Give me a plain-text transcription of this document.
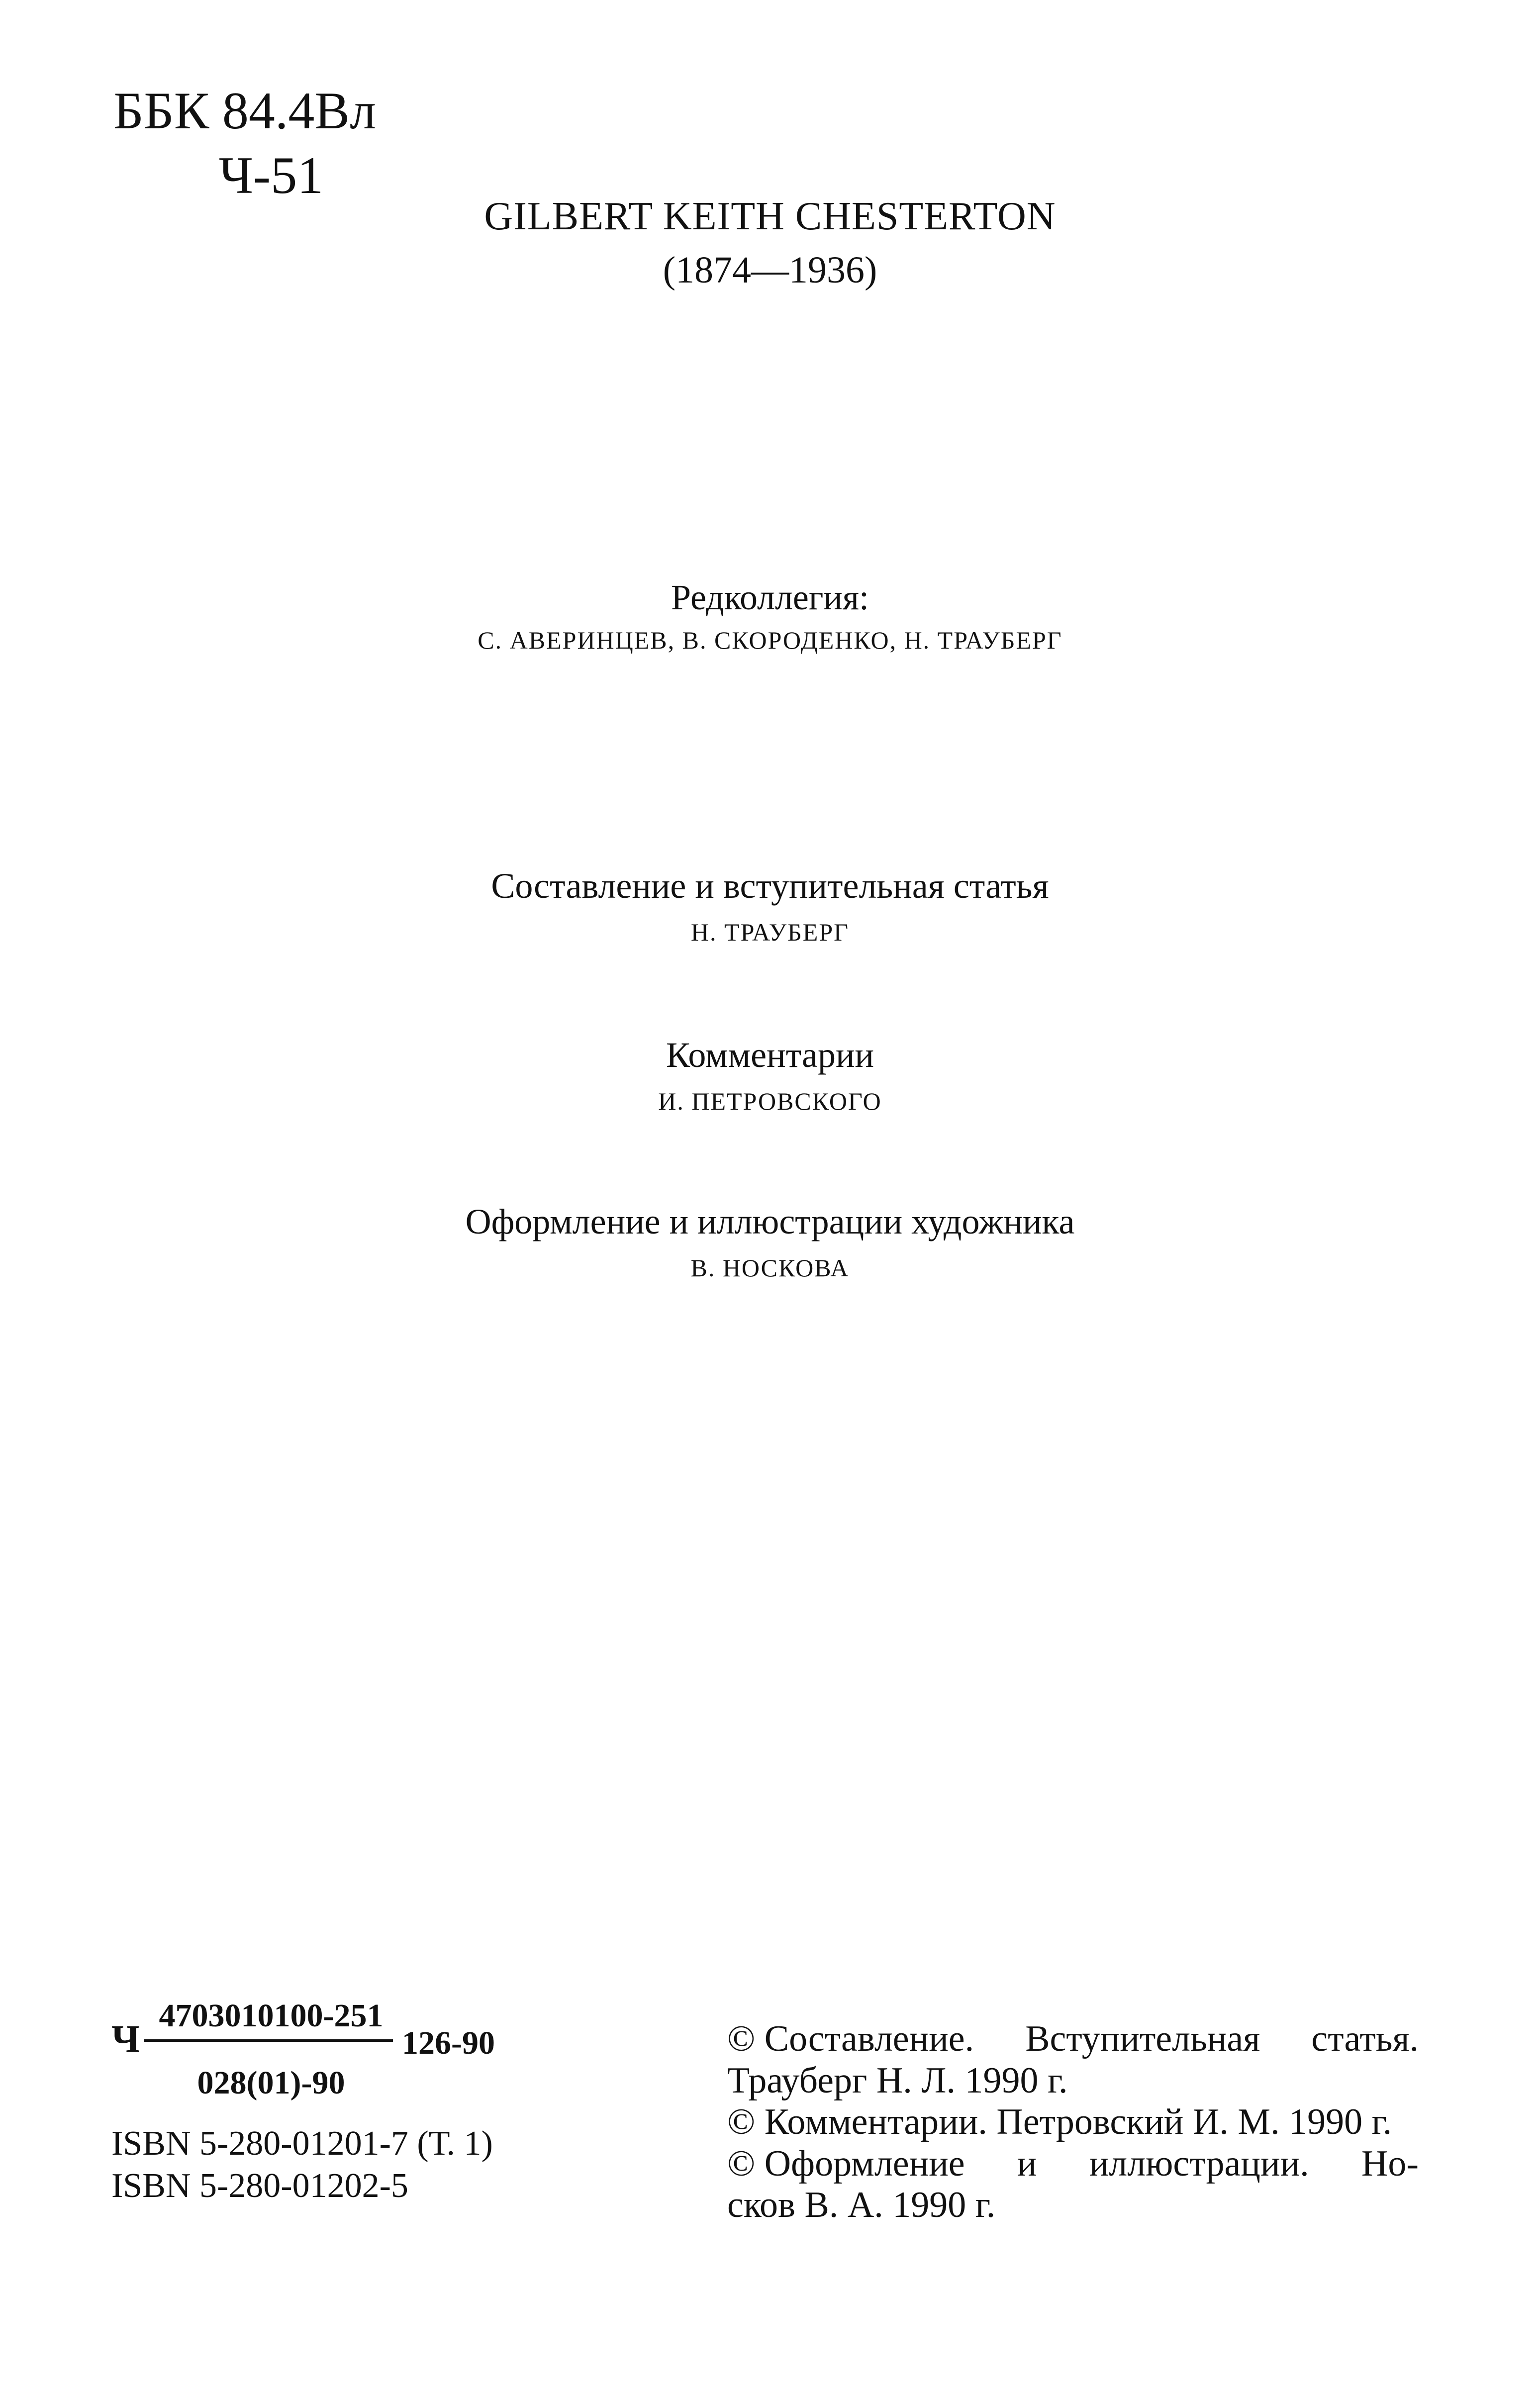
ББК 84.4Вл
Ч-51
GILBERT KEITH CHESTERTON
(1874—1936)
Редколлегия:
С. АВЕРИНЦЕВ, В. СКОРОДЕНКО, Н. ТРАУБЕРГ
Составление и вступительная статья
Н. ТРАУБЕРГ
Комментарии
И. ПЕТРОВСКОГО
Оформление и иллюстрации художника
В. НОСКОВА
Ч
4703010100-251
028(01)-90
126-90
ISBN 5-280-01201-7 (Т. 1)
ISBN 5-280-01202-5
© Составление. Вступительная статья.
Трауберг Н. Л. 1990 г.
© Комментарии. Петровский И. М. 1990 г.
© Оформление и иллюстрации. Но-
сков В. А. 1990 г.
